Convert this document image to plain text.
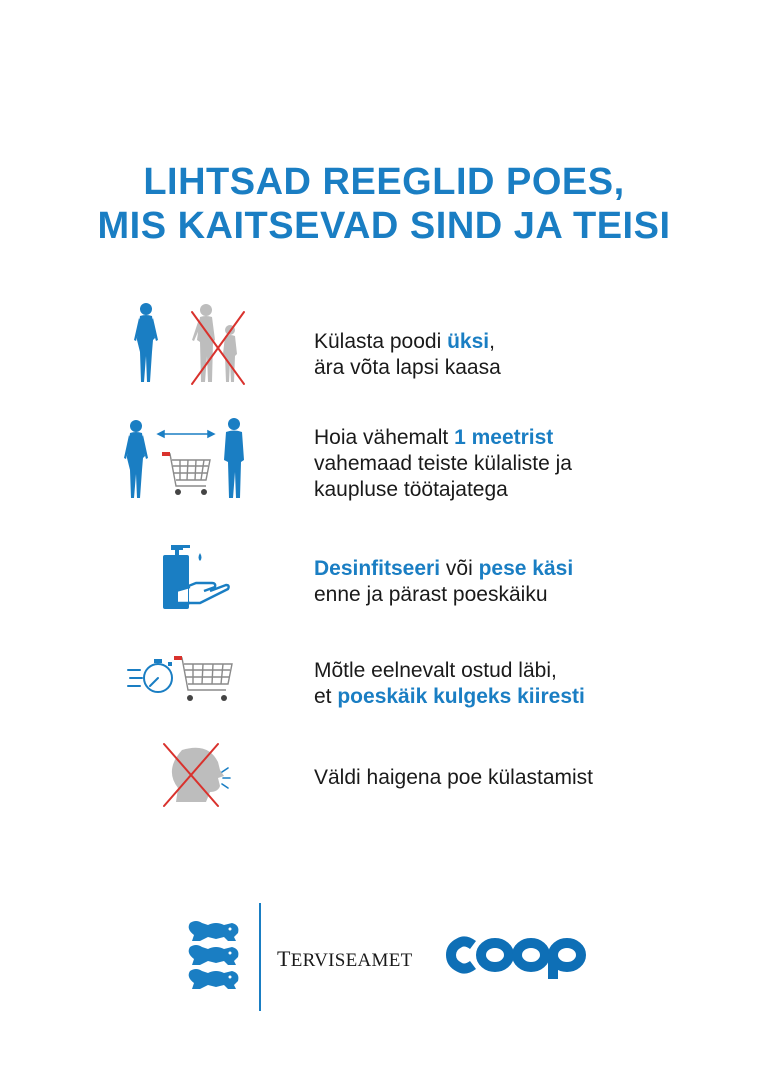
LIHTSAD REEGLID POES,
MIS KAITSEVAD SIND JA TEISI
Külasta poodi üksi,
ära võta lapsi kaasa
Hoia vähemalt 1 meetrist
vahemaad teiste külaliste ja
kaupluse töötajatega
Desinfitseeri või pese käsi
enne ja pärast poeskäiku
Mõtle eelnevalt ostud läbi,
et poeskäik kulgeks kiiresti
Väldi haigena poe külastamist
TERVISEAMET
